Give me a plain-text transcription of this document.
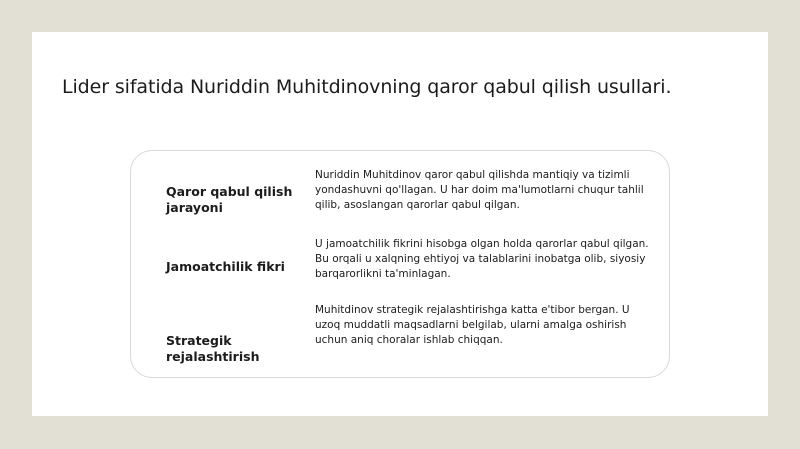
Lider sifatida Nuriddin Muhitdinovning qaror qabul qilish usullari.
Qaror qabul qilish jarayoni
Nuriddin Muhitdinov qaror qabul qilishda mantiqiy va tizimli yondashuvni qo'llagan. U har doim ma'lumotlarni chuqur tahlil qilib, asoslangan qarorlar qabul qilgan.
Jamoatchilik fikri
U jamoatchilik fikrini hisobga olgan holda qarorlar qabul qilgan. Bu orqali u xalqning ehtiyoj va talablarini inobatga olib, siyosiy barqarorlikni ta'minlagan.
Strategik rejalashtirish
Muhitdinov strategik rejalashtirishga katta e'tibor bergan. U uzoq muddatli maqsadlarni belgilab, ularni amalga oshirish uchun aniq choralar ishlab chiqqan.
